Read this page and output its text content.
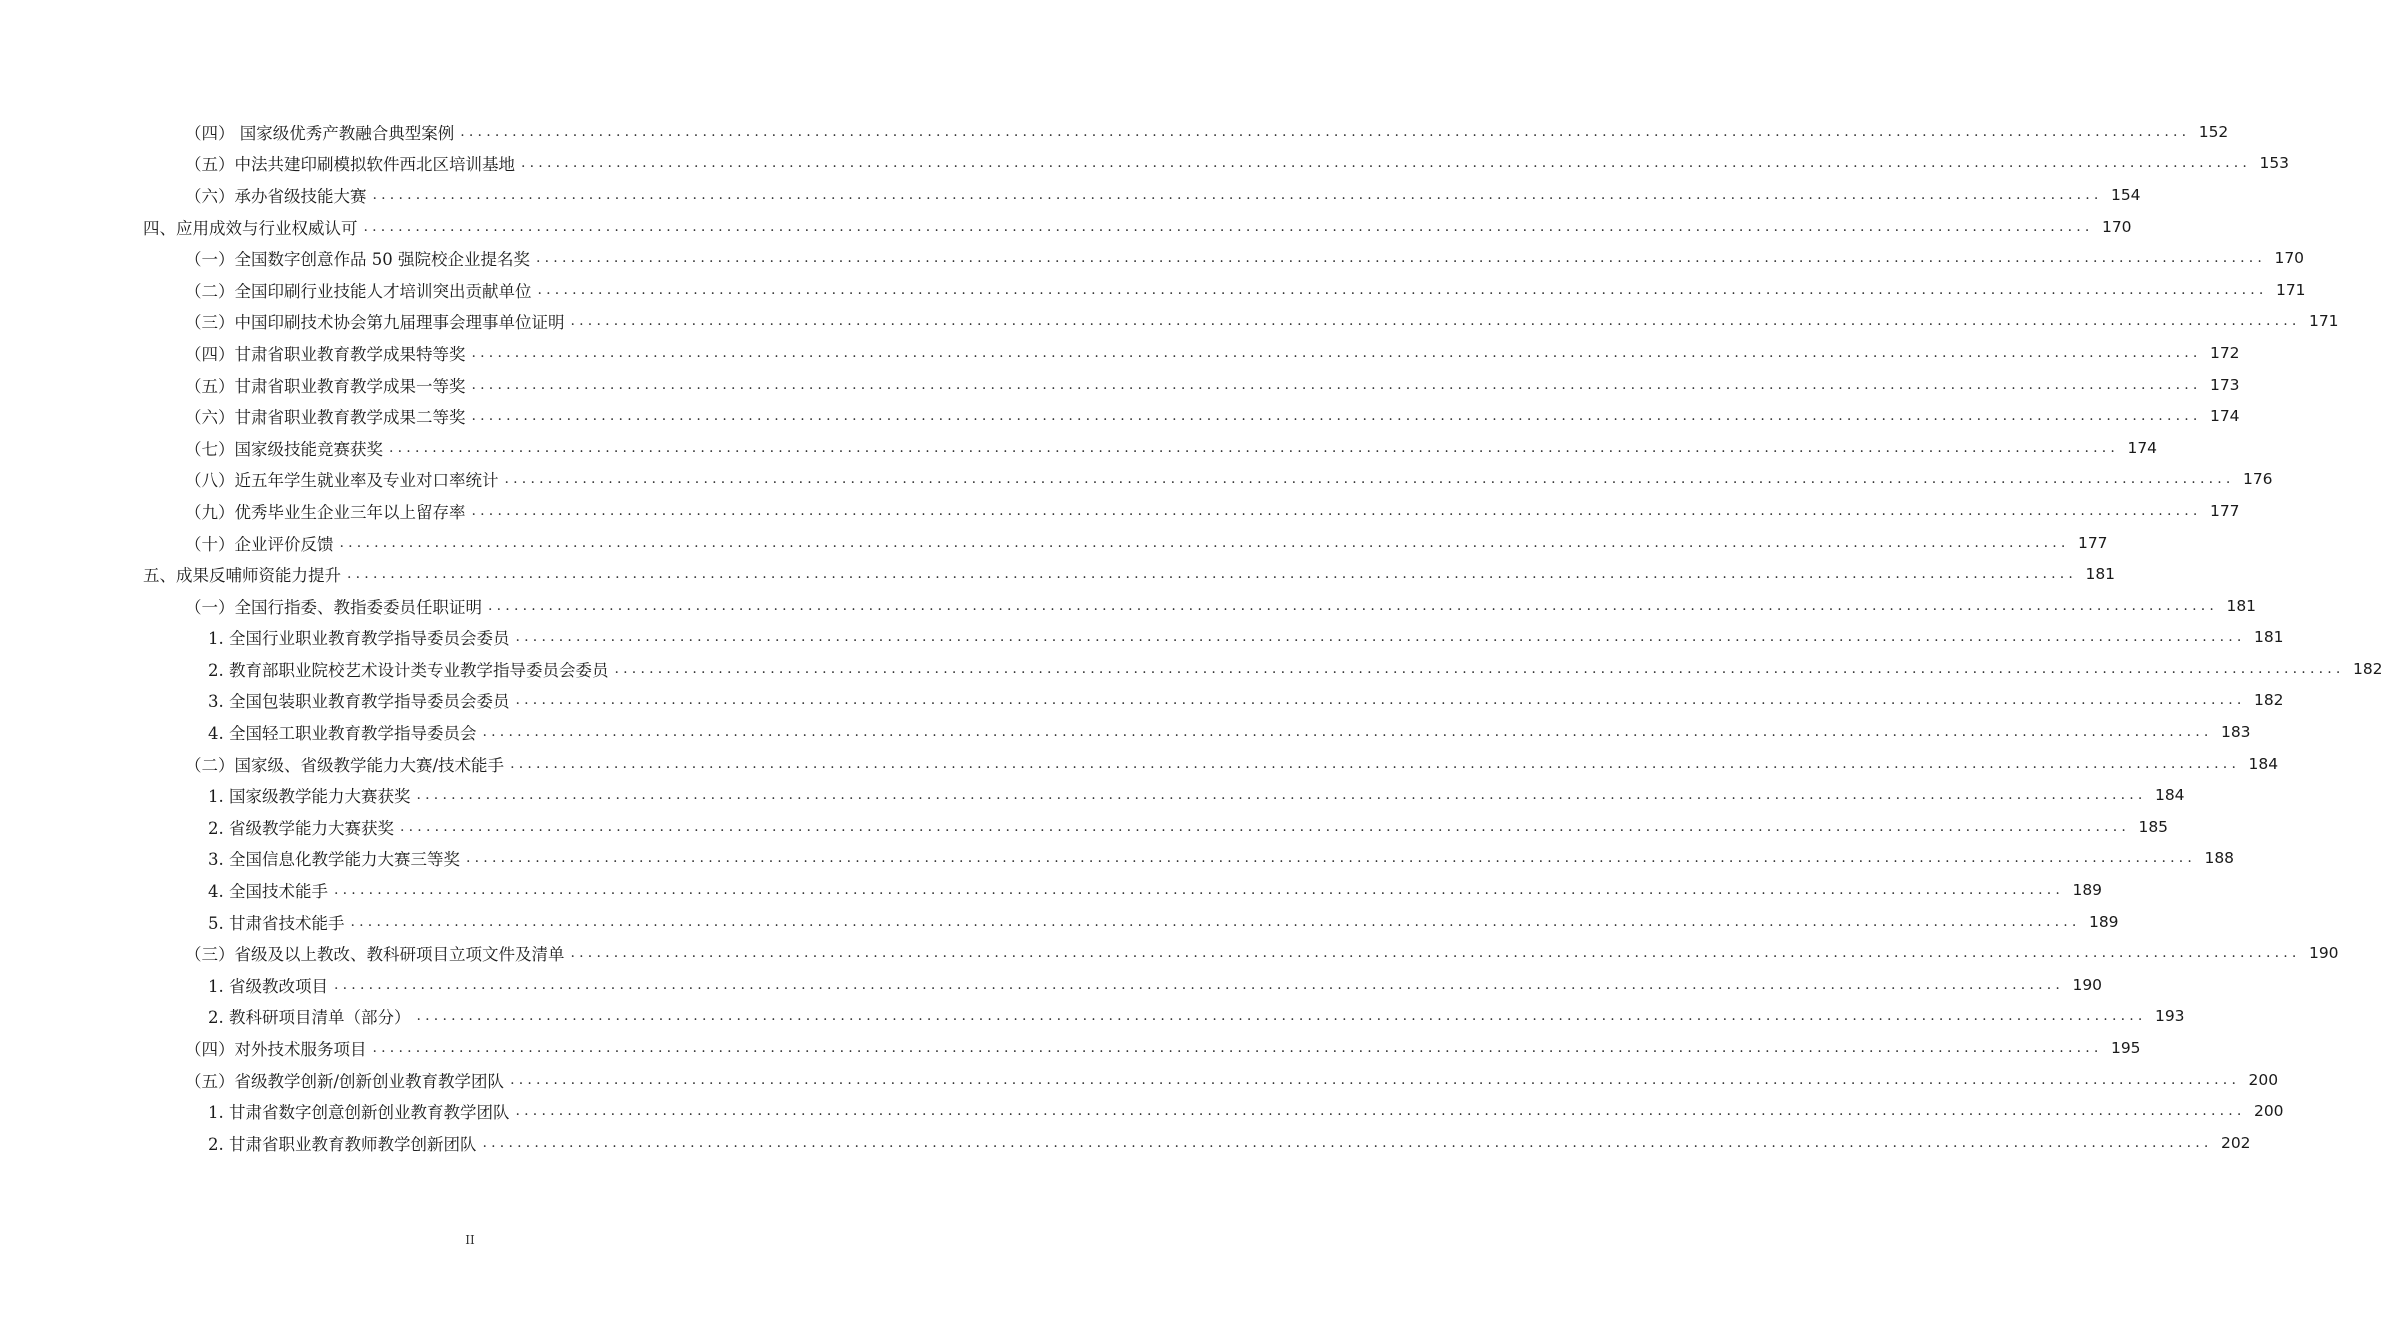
（四） 国家级优秀产教融合典型案例 ........................................................................................................................................................................................................ 152
（五）中法共建印刷模拟软件西北区培训基地 ........................................................................................................................................................................................................ 153
（六）承办省级技能大赛 ........................................................................................................................................................................................................ 154
四、应用成效与行业权威认可 ........................................................................................................................................................................................................ 170
（一）全国数字创意作品 50 强院校企业提名奖 ........................................................................................................................................................................................................ 170
（二）全国印刷行业技能人才培训突出贡献单位 ........................................................................................................................................................................................................ 171
（三）中国印刷技术协会第九届理事会理事单位证明 ........................................................................................................................................................................................................ 171
（四）甘肃省职业教育教学成果特等奖 ........................................................................................................................................................................................................ 172
（五）甘肃省职业教育教学成果一等奖 ........................................................................................................................................................................................................ 173
（六）甘肃省职业教育教学成果二等奖 ........................................................................................................................................................................................................ 174
（七）国家级技能竞赛获奖 ........................................................................................................................................................................................................ 174
（八）近五年学生就业率及专业对口率统计 ........................................................................................................................................................................................................ 176
（九）优秀毕业生企业三年以上留存率 ........................................................................................................................................................................................................ 177
（十）企业评价反馈 ........................................................................................................................................................................................................ 177
五、成果反哺师资能力提升 ........................................................................................................................................................................................................ 181
（一）全国行指委、教指委委员任职证明 ........................................................................................................................................................................................................ 181
1. 全国行业职业教育教学指导委员会委员 ........................................................................................................................................................................................................ 181
2. 教育部职业院校艺术设计类专业教学指导委员会委员 ........................................................................................................................................................................................................ 182
3. 全国包装职业教育教学指导委员会委员 ........................................................................................................................................................................................................ 182
4. 全国轻工职业教育教学指导委员会 ........................................................................................................................................................................................................ 183
（二）国家级、省级教学能力大赛/技术能手 ........................................................................................................................................................................................................ 184
1. 国家级教学能力大赛获奖 ........................................................................................................................................................................................................ 184
2. 省级教学能力大赛获奖 ........................................................................................................................................................................................................ 185
3. 全国信息化教学能力大赛三等奖 ........................................................................................................................................................................................................ 188
4. 全国技术能手 ........................................................................................................................................................................................................ 189
5. 甘肃省技术能手 ........................................................................................................................................................................................................ 189
（三）省级及以上教改、教科研项目立项文件及清单 ........................................................................................................................................................................................................ 190
1. 省级教改项目 ........................................................................................................................................................................................................ 190
2. 教科研项目清单（部分） ........................................................................................................................................................................................................ 193
（四）对外技术服务项目 ........................................................................................................................................................................................................ 195
（五）省级教学创新/创新创业教育教学团队 ........................................................................................................................................................................................................ 200
1. 甘肃省数字创意创新创业教育教学团队 ........................................................................................................................................................................................................ 200
2. 甘肃省职业教育教师教学创新团队 ........................................................................................................................................................................................................ 202
II
